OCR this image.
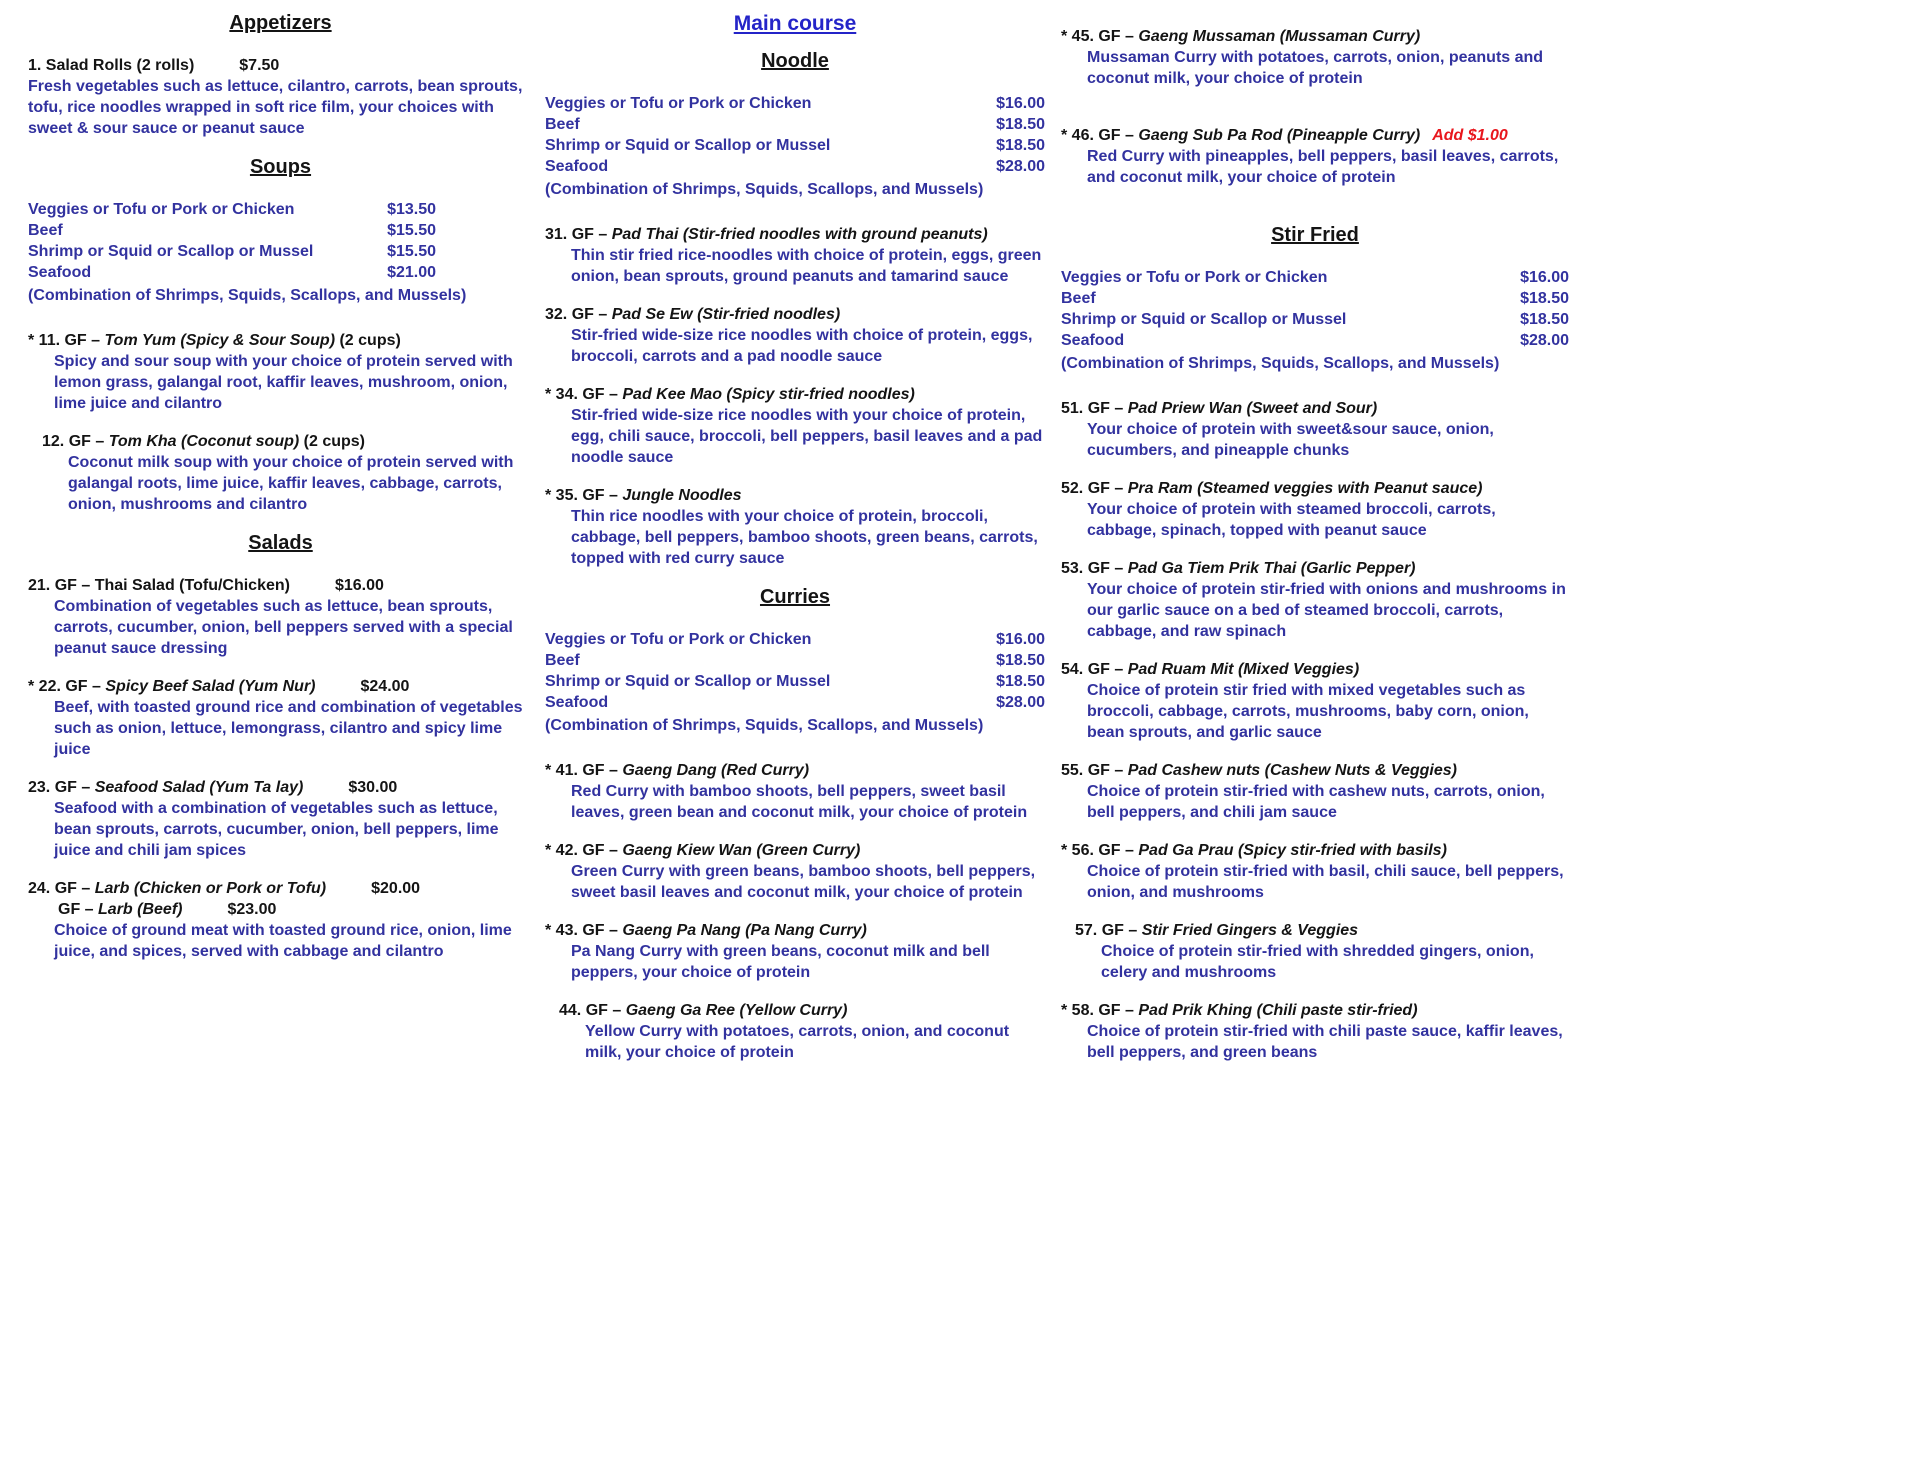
Appetizers
1. Salad Rolls (2 rolls)	$7.50
Fresh vegetables such as lettuce, cilantro, carrots, bean sprouts, tofu, rice noodles wrapped in soft rice film, your choices with sweet & sour sauce or peanut sauce
Soups
Veggies or Tofu or Pork or Chicken	$13.50
Beef	$15.50
Shrimp or Squid or Scallop or Mussel	$15.50
Seafood	$21.00
(Combination of Shrimps, Squids, Scallops, and Mussels)
* 11. GF – Tom Yum (Spicy & Sour Soup) (2 cups)
Spicy and sour soup with your choice of protein served with lemon grass, galangal root, kaffir leaves, mushroom, onion, lime juice and cilantro
12. GF – Tom Kha (Coconut soup) (2 cups)
Coconut milk soup with your choice of protein served with galangal roots, lime juice, kaffir leaves, cabbage, carrots, onion, mushrooms and cilantro
Salads
21. GF – Thai Salad (Tofu/Chicken)	$16.00
Combination of vegetables such as lettuce, bean sprouts, carrots, cucumber, onion, bell peppers served with a special peanut sauce dressing
* 22. GF – Spicy Beef Salad (Yum Nur)	$24.00
Beef, with toasted ground rice and combination of vegetables such as onion, lettuce, lemongrass, cilantro and spicy lime juice
23. GF – Seafood Salad (Yum Ta lay)	$30.00
Seafood with a combination of vegetables such as lettuce, bean sprouts, carrots, cucumber, onion, bell peppers, lime juice and chili jam spices
24. GF – Larb (Chicken or Pork or Tofu)	$20.00
GF – Larb (Beef)	$23.00
Choice of ground meat with toasted ground rice, onion, lime juice, and spices, served with cabbage and cilantro
Main course
Noodle
Veggies or Tofu or Pork or Chicken	$16.00
Beef	$18.50
Shrimp or Squid or Scallop or Mussel	$18.50
Seafood	$28.00
(Combination of Shrimps, Squids, Scallops, and Mussels)
31. GF – Pad Thai (Stir-fried noodles with ground peanuts)
Thin stir fried rice-noodles with choice of protein, eggs, green onion, bean sprouts, ground peanuts and tamarind sauce
32. GF – Pad Se Ew (Stir-fried noodles)
Stir-fried wide-size rice noodles with choice of protein, eggs, broccoli, carrots and a pad noodle sauce
* 34. GF – Pad Kee Mao (Spicy stir-fried noodles)
Stir-fried wide-size rice noodles with your choice of protein, egg, chili sauce, broccoli, bell peppers, basil leaves and a pad noodle sauce
* 35. GF – Jungle Noodles
Thin rice noodles with your choice of protein, broccoli, cabbage, bell peppers, bamboo shoots, green beans, carrots, topped with red curry sauce
Curries
Veggies or Tofu or Pork or Chicken	$16.00
Beef	$18.50
Shrimp or Squid or Scallop or Mussel	$18.50
Seafood	$28.00
(Combination of Shrimps, Squids, Scallops, and Mussels)
* 41. GF – Gaeng Dang (Red Curry)
Red Curry with bamboo shoots, bell peppers, sweet basil leaves, green bean and coconut milk, your choice of protein
* 42. GF – Gaeng Kiew Wan (Green Curry)
Green Curry with green beans, bamboo shoots, bell peppers, sweet basil leaves and coconut milk, your choice of protein
* 43. GF – Gaeng Pa Nang (Pa Nang Curry)
Pa Nang Curry with green beans, coconut milk and bell peppers, your choice of protein
44. GF – Gaeng Ga Ree (Yellow Curry)
Yellow Curry with potatoes, carrots, onion, and coconut milk, your choice of protein
* 45. GF – Gaeng Mussaman (Mussaman Curry)
Mussaman Curry with potatoes, carrots, onion, peanuts and coconut milk, your choice of protein
* 46. GF – Gaeng Sub Pa Rod (Pineapple Curry) Add $1.00
Red Curry with pineapples, bell peppers, basil leaves, carrots, and coconut milk, your choice of protein
Stir Fried
Veggies or Tofu or Pork or Chicken	$16.00
Beef	$18.50
Shrimp or Squid or Scallop or Mussel	$18.50
Seafood	$28.00
(Combination of Shrimps, Squids, Scallops, and Mussels)
51. GF – Pad Priew Wan (Sweet and Sour)
Your choice of protein with sweet&sour sauce, onion, cucumbers, and pineapple chunks
52. GF – Pra Ram (Steamed veggies with Peanut sauce)
Your choice of protein with steamed broccoli, carrots, cabbage, spinach, topped with peanut sauce
53. GF – Pad Ga Tiem Prik Thai (Garlic Pepper)
Your choice of protein stir-fried with onions and mushrooms in our garlic sauce on a bed of steamed broccoli, carrots, cabbage, and raw spinach
54. GF – Pad Ruam Mit (Mixed Veggies)
Choice of protein stir fried with mixed vegetables such as broccoli, cabbage, carrots, mushrooms, baby corn, onion, bean sprouts, and garlic sauce
55. GF – Pad Cashew nuts (Cashew Nuts & Veggies)
Choice of protein stir-fried with cashew nuts, carrots, onion, bell peppers, and chili jam sauce
* 56. GF – Pad Ga Prau (Spicy stir-fried with basils)
Choice of protein stir-fried with basil, chili sauce, bell peppers, onion, and mushrooms
57. GF – Stir Fried Gingers & Veggies
Choice of protein stir-fried with shredded gingers, onion, celery and mushrooms
* 58. GF – Pad Prik Khing (Chili paste stir-fried)
Choice of protein stir-fried with chili paste sauce, kaffir leaves, bell peppers, and green beans
